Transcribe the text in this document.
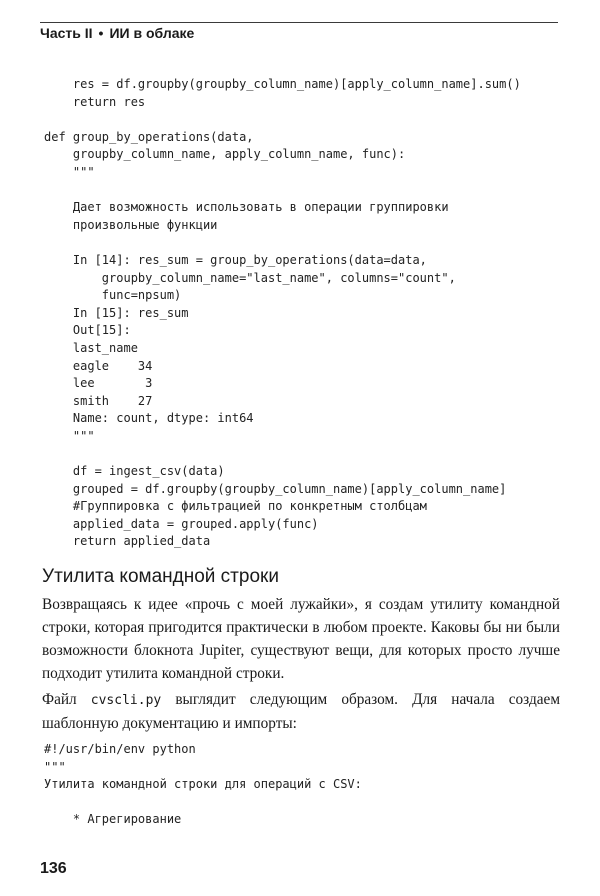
Часть II • ИИ в облаке
res = df.groupby(groupby_column_name)[apply_column_name].sum()
return res

def group_by_operations(data,
groupby_column_name, apply_column_name, func):
"""

Дает возможность использовать в операции группировки
произвольные функции

In [14]: res_sum = group_by_operations(data=data,
groupby_column_name="last_name", columns="count",
func=npsum)
In [15]: res_sum
Out[15]:
last_name
eagle    34
lee       3
smith    27
Name: count, dtype: int64
"""

df = ingest_csv(data)
grouped = df.groupby(groupby_column_name)[apply_column_name]
#Группировка с фильтрацией по конкретным столбцам
applied_data = grouped.apply(func)
return applied_data
Утилита командной строки

Возвращаясь к идее «прочь с моей лужайки», я создам утилиту командной строки, которая пригодится практически в любом проекте. Каковы бы ни были возможности блокнота Jupiter, существуют вещи, для которых просто лучше подходит утилита командной строки.

Файл cvscli.py выглядит следующим образом. Для начала создаем шаблонную документацию и импорты:

#!/usr/bin/env python
"""
Утилита командной строки для операций с CSV:

* Агрегирование
136
